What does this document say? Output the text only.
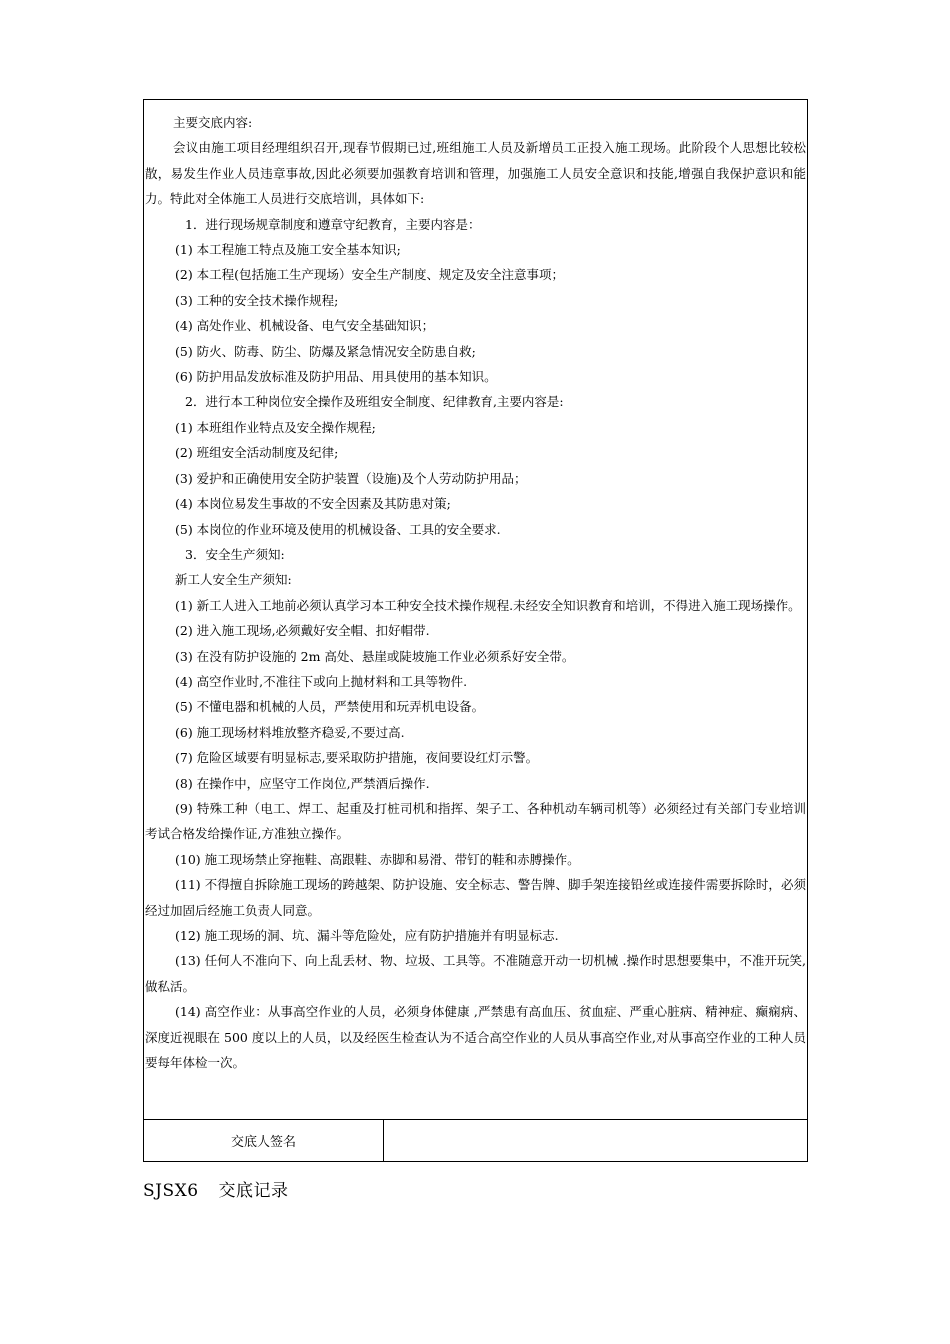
主要交底内容:

会议由施工项目经理组织召开,现春节假期已过,班组施工人员及新增员工正投入施工现场。此阶段个人思想比较松散，易发生作业人员违章事故,因此必须要加强教育培训和管理，加强施工人员安全意识和技能,增强自我保护意识和能力。特此对全体施工人员进行交底培训，具体如下:

1．进行现场规章制度和遵章守纪教育，主要内容是：

(1) 本工程施工特点及施工安全基本知识;

(2) 本工程(包括施工生产现场）安全生产制度、规定及安全注意事项；

(3) 工种的安全技术操作规程;

(4) 高处作业、机械设备、电气安全基础知识；

(5) 防火、防毒、防尘、防爆及紧急情况安全防患自救;

(6) 防护用品发放标准及防护用品、用具使用的基本知识。

2．进行本工种岗位安全操作及班组安全制度、纪律教育,主要内容是:

(1) 本班组作业特点及安全操作规程;

(2) 班组安全活动制度及纪律;

(3) 爱护和正确使用安全防护装置（设施)及个人劳动防护用品；

(4) 本岗位易发生事故的不安全因素及其防患对策;

(5) 本岗位的作业环境及使用的机械设备、工具的安全要求.

3．安全生产须知:

新工人安全生产须知:

(1) 新工人进入工地前必须认真学习本工种安全技术操作规程.未经安全知识教育和培训，不得进入施工现场操作。

(2) 进入施工现场,必须戴好安全帽、扣好帽带.

(3) 在没有防护设施的 2m 高处、悬崖或陡坡施工作业必须系好安全带。

(4) 高空作业时,不准往下或向上抛材料和工具等物件.

(5) 不懂电器和机械的人员，严禁使用和玩弄机电设备。

(6) 施工现场材料堆放整齐稳妥,不要过高.

(7) 危险区域要有明显标志,要采取防护措施，夜间要设红灯示警。

(8) 在操作中，应坚守工作岗位,严禁酒后操作.

(9) 特殊工种（电工、焊工、起重及打桩司机和指挥、架子工、各种机动车辆司机等）必须经过有关部门专业培训考试合格发给操作证,方准独立操作。

(10) 施工现场禁止穿拖鞋、高跟鞋、赤脚和易滑、带钉的鞋和赤膊操作。

(11) 不得擅自拆除施工现场的跨越架、防护设施、安全标志、警告牌、脚手架连接铅丝或连接件需要拆除时，必须经过加固后经施工负责人同意。

(12) 施工现场的洞、坑、漏斗等危险处，应有防护措施并有明显标志.

(13) 任何人不准向下、向上乱丢材、物、垃圾、工具等。不准随意开动一切机械 .操作时思想要集中，不准开玩笑,做私活。

(14) 高空作业：从事高空作业的人员，必须身体健康 ,严禁患有高血压、贫血症、严重心脏病、精神症、癫痫病、深度近视眼在 500 度以上的人员，以及经医生检查认为不适合高空作业的人员从事高空作业,对从事高空作业的工种人员要每年体检一次。

交底人签名
SJSX6 交底记录
